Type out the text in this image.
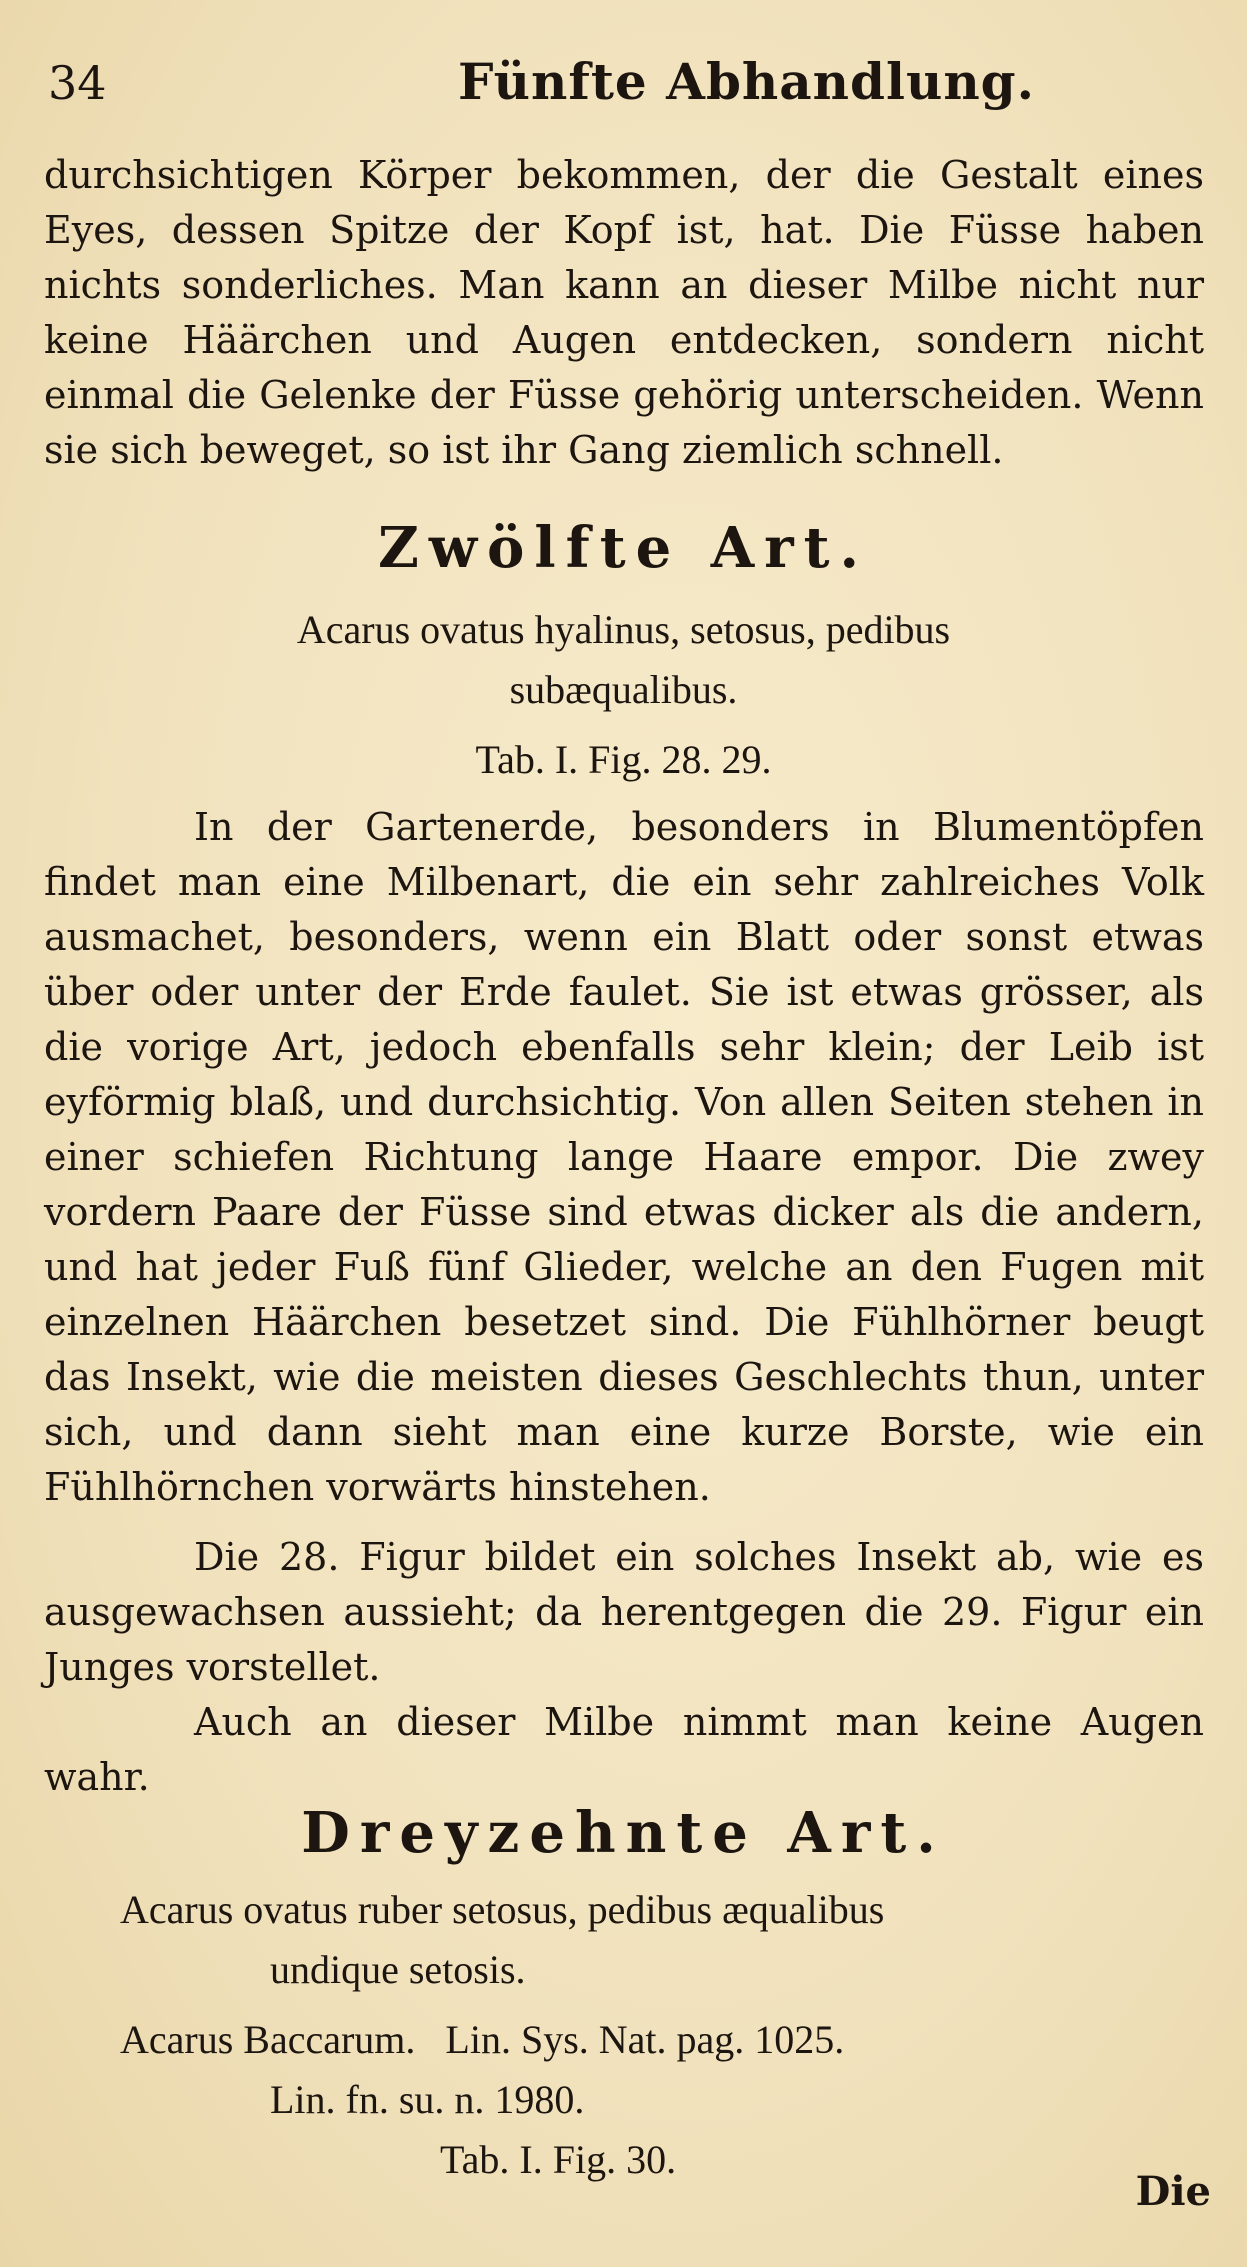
34	Fünfte Abhandlung.
durchsichtigen Körper bekommen, der die Gestalt eines Eyes, dessen Spitze der Kopf ist, hat. Die Füsse haben nichts sonderliches. Man kann an dieser Milbe nicht nur keine Häärchen und Augen entdecken, sondern nicht einmal die Gelenke der Füsse gehörig unterscheiden. Wenn sie sich beweget, so ist ihr Gang ziemlich schnell.
Zwölfte Art.
Acarus ovatus hyalinus, setosus, pedibus
subæqualibus.
Tab. I. Fig. 28. 29.
In der Gartenerde, besonders in Blumentöpfen findet man eine Milbenart, die ein sehr zahlreiches Volk ausmachet, besonders, wenn ein Blatt oder sonst etwas über oder unter der Erde faulet. Sie ist etwas grösser, als die vorige Art, jedoch ebenfalls sehr klein; der Leib ist eyförmig blaß, und durchsichtig. Von allen Seiten stehen in einer schiefen Richtung lange Haare empor. Die zwey vordern Paare der Füsse sind etwas dicker als die andern, und hat jeder Fuß fünf Glieder, welche an den Fugen mit einzelnen Häärchen besetzet sind. Die Fühlhörner beugt das Insekt, wie die meisten dieses Geschlechts thun, unter sich, und dann sieht man eine kurze Borste, wie ein Fühlhörnchen vorwärts hinstehen.
Die 28. Figur bildet ein solches Insekt ab, wie es ausgewachsen aussieht; da herentgegen die 29. Figur ein Junges vorstellet.
Auch an dieser Milbe nimmt man keine Augen wahr.
Dreyzehnte Art.
Acarus ovatus ruber setosus, pedibus æqualibus
undique setosis.
Acarus Baccarum.   Lin. Sys. Nat. pag. 1025.
Lin. fn. su. n. 1980.
Tab. I. Fig. 30.
Die
